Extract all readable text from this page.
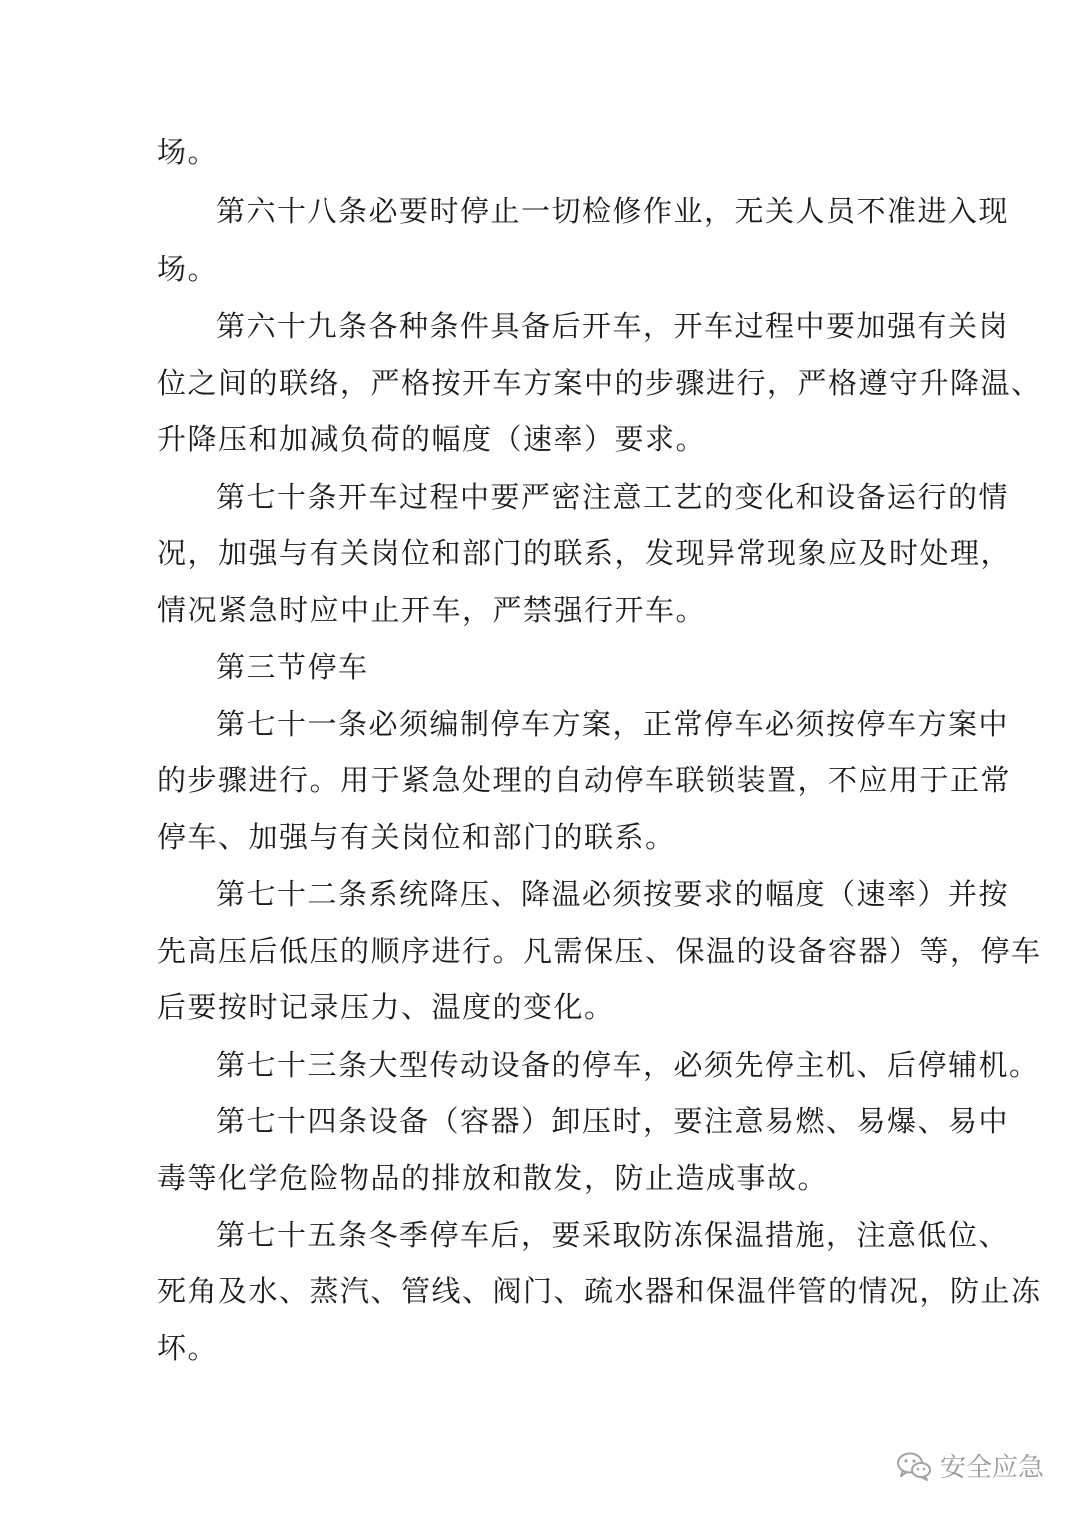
场。
第六十八条必要时停止一切检修作业，无关人员不准进入现
场。
第六十九条各种条件具备后开车，开车过程中要加强有关岗
位之间的联络，严格按开车方案中的步骤进行，严格遵守升降温、
升降压和加减负荷的幅度（速率）要求。
第七十条开车过程中要严密注意工艺的变化和设备运行的情
况，加强与有关岗位和部门的联系，发现异常现象应及时处理，
情况紧急时应中止开车，严禁强行开车。
第三节停车
第七十一条必须编制停车方案，正常停车必须按停车方案中
的步骤进行。用于紧急处理的自动停车联锁装置，不应用于正常
停车、加强与有关岗位和部门的联系。
第七十二条系统降压、降温必须按要求的幅度（速率）并按
先高压后低压的顺序进行。凡需保压、保温的设备容器）等，停车
后要按时记录压力、温度的变化。
第七十三条大型传动设备的停车，必须先停主机、后停辅机。
第七十四条设备（容器）卸压时，要注意易燃、易爆、易中
毒等化学危险物品的排放和散发，防止造成事故。
第七十五条冬季停车后，要采取防冻保温措施，注意低位、
死角及水、蒸汽、管线、阀门、疏水器和保温伴管的情况，防止冻
坏。
安全应急
